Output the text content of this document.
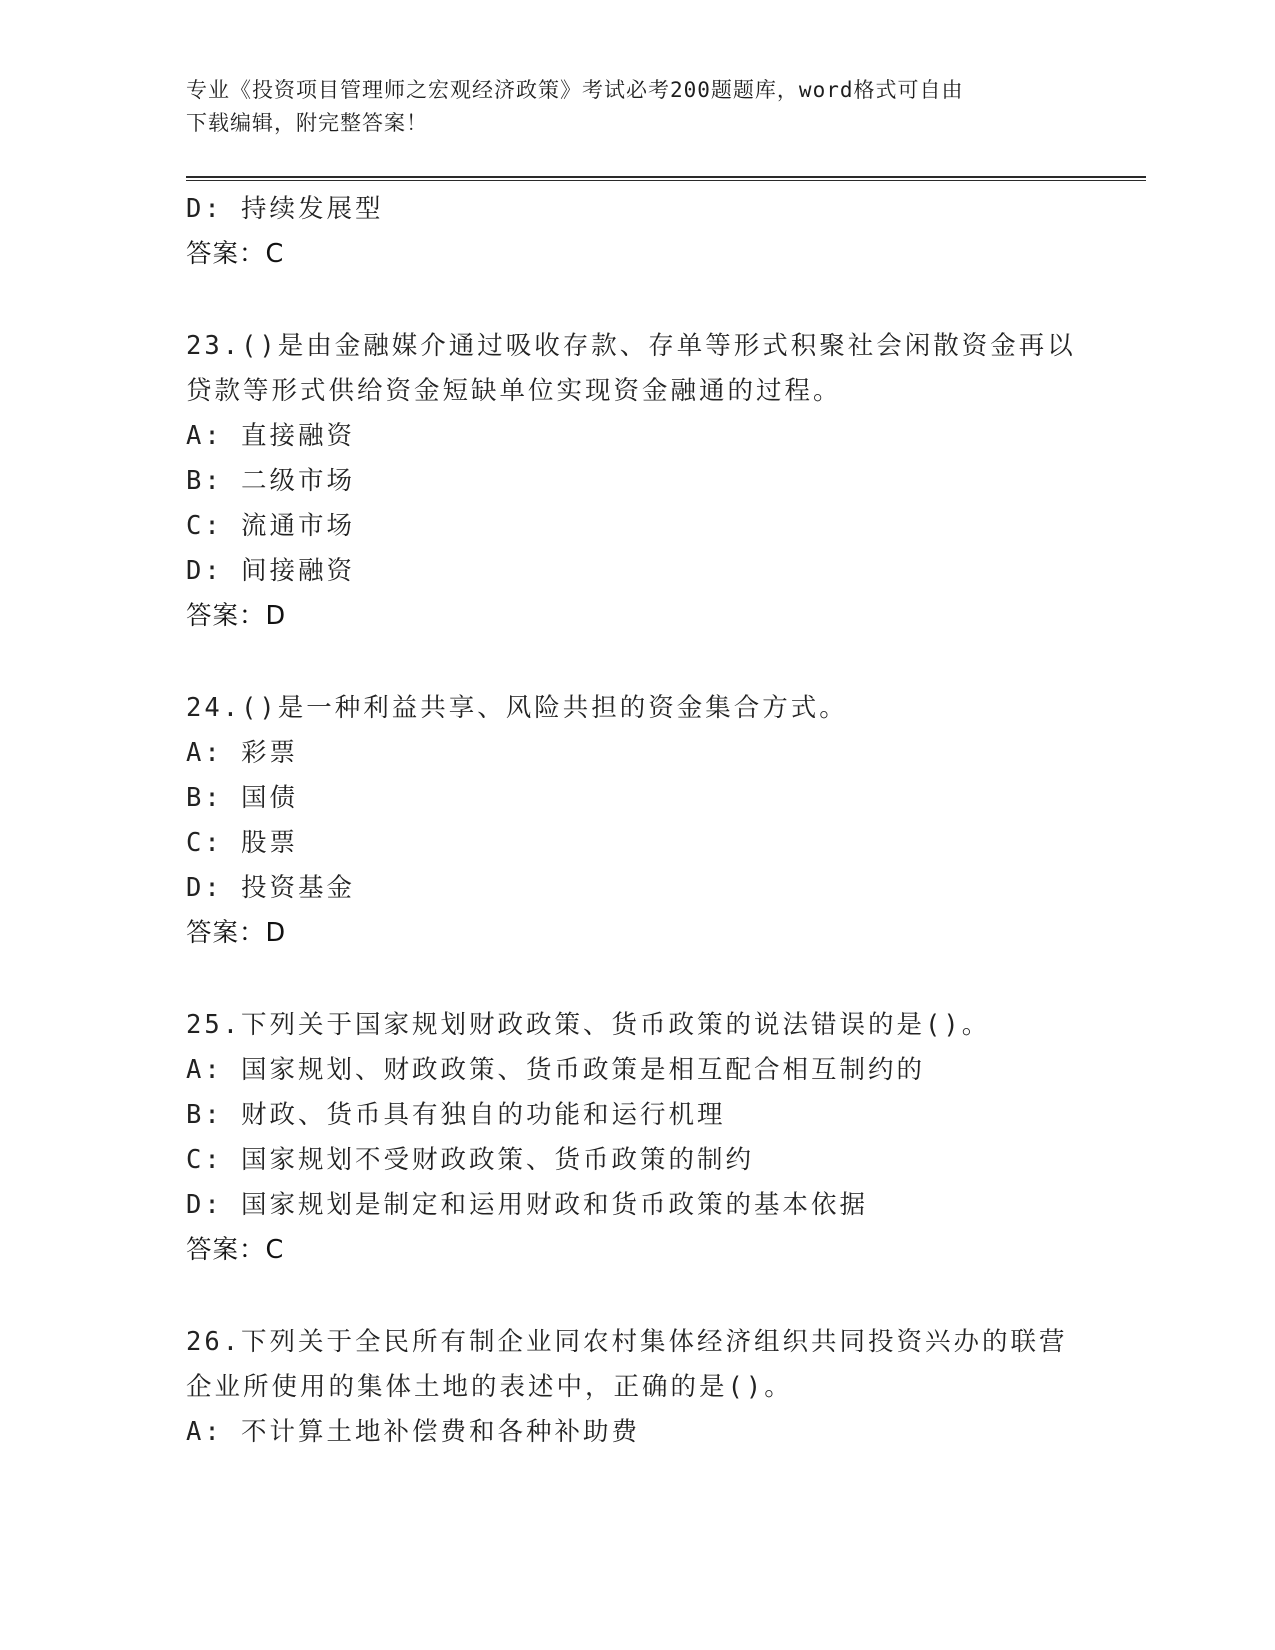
专业《投资项目管理师之宏观经济政策》考试必考200题题库，word格式可自由
下载编辑，附完整答案！
D: 持续发展型
答案：C
23.()是由金融媒介通过吸收存款、存单等形式积聚社会闲散资金再以
贷款等形式供给资金短缺单位实现资金融通的过程。
A: 直接融资
B: 二级市场
C: 流通市场
D: 间接融资
答案：D
24.()是一种利益共享、风险共担的资金集合方式。
A: 彩票
B: 国债
C: 股票
D: 投资基金
答案：D
25.下列关于国家规划财政政策、货币政策的说法错误的是()。
A: 国家规划、财政政策、货币政策是相互配合相互制约的
B: 财政、货币具有独自的功能和运行机理
C: 国家规划不受财政政策、货币政策的制约
D: 国家规划是制定和运用财政和货币政策的基本依据
答案：C
26.下列关于全民所有制企业同农村集体经济组织共同投资兴办的联营
企业所使用的集体土地的表述中，正确的是()。
A: 不计算土地补偿费和各种补助费
